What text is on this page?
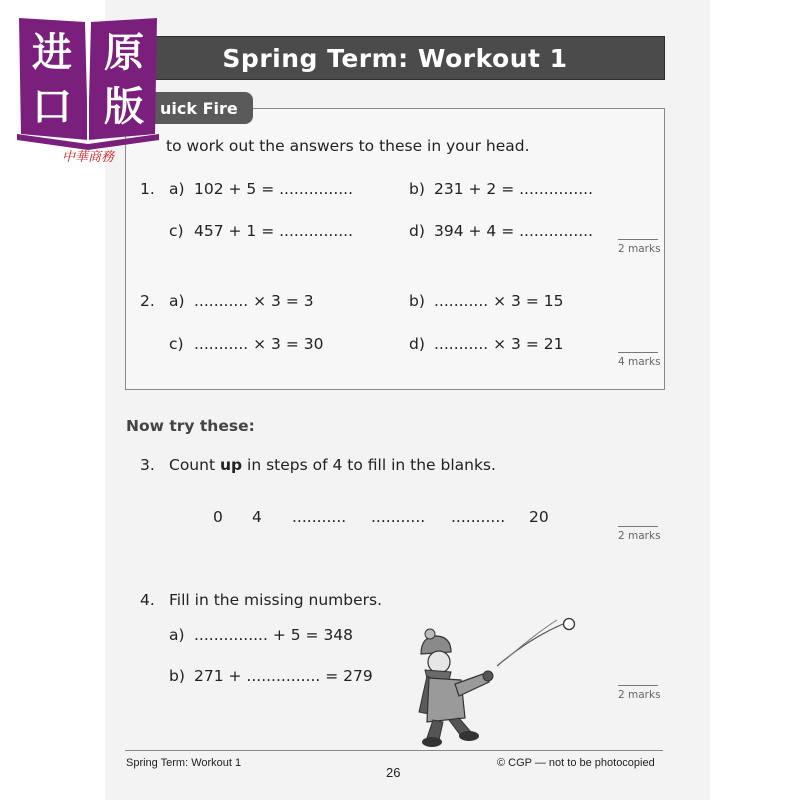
Spring Term: Workout 1
uick Fire
to work out the answers to these in your head.
1. a) 102 + 5 = ...............	b) 231 + 2 = ...............
c) 457 + 1 = ...............	d) 394 + 4 = ...............
2 marks
2. a) ........... × 3 = 3	b) ........... × 3 = 15
c) ........... × 3 = 30	d) ........... × 3 = 21
4 marks
Now try these:
3. Count up in steps of 4 to fill in the blanks.
0 4 ........... ........... ........... 20
2 marks
4. Fill in the missing numbers.
a) ............... + 5 = 348
b) 271 + ............... = 279
2 marks
Spring Term: Workout 1
26
© CGP — not to be photocopied
进 原
口 版
中華商務
